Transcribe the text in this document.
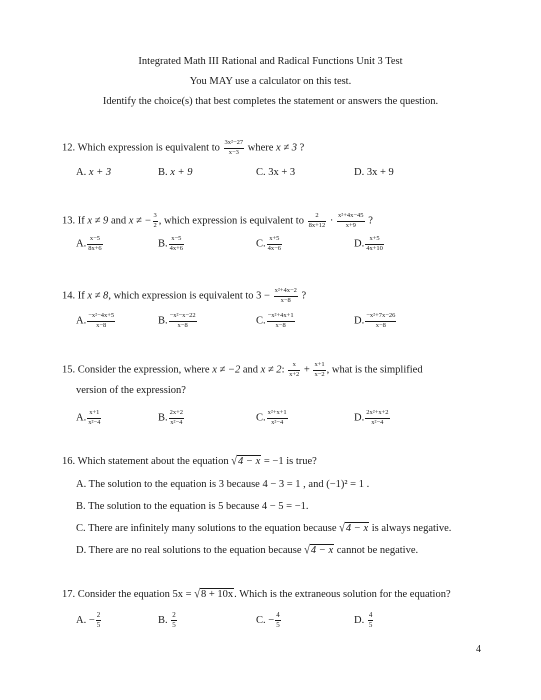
Integrated Math III Rational and Radical Functions Unit 3 Test
You MAY use a calculator on this test.
Identify the choice(s) that best completes the statement or answers the question.
12. Which expression is equivalent to $\frac{\text{3x²−27}}{x-3}$ where x ≠ 3 ?
A. x + 3	B. x + 9	C. 3x + 3	D. 3x + 9
13. If x ≠ 9 and x ≠ − $\frac{3}{2}$ , which expression is equivalent to $\frac{2}{8x+12} \cdot \frac{\text{x²+4x−45}}{x+9}$ ?
A. $\frac{x-5}{8x+6}$	B. $\frac{x-5}{4x+6}$	C. $\frac{x+5}{4x-6}$	D. $\frac{x+5}{4x+10}$
14. If x ≠ 8, which expression is equivalent to $3 - \frac{\text{x²+4x−2}}{x-8}$ ?
A. $\frac{\text{−x²−4x+5}}{x-8}$	B. $\frac{\text{−x²−x−22}}{x-8}$	C. $\frac{\text{−x²+4x+1}}{x-8}$	D. $\frac{\text{−x²+7x−26}}{x-8}$
15. Consider the expression, where x ≠ −2 and x ≠ 2: $\frac{x}{x+2} + \frac{x+1}{x-2}$ , what is the simplified
version of the expression?
A. $\frac{x+1}{\text{x²−4}}$	B. $\frac{2x+2}{\text{x²−4}}$	C. $\frac{\text{x²+x+1}}{\text{x²−4}}$	D. $\frac{\text{2x²+x+2}}{\text{x²−4}}$
16. Which statement about the equation √4 − x = −1 is true?
A. The solution to the equation is 3 because 4 − 3 = 1 , and (−1)² = 1 .
B. The solution to the equation is 5 because 4 − 5 = −1.
C. There are infinitely many solutions to the equation because √4 − x is always negative.
D. There are no real solutions to the equation because √4 − x cannot be negative.
17. Consider the equation 5x = √8 + 10x. Which is the extraneous solution for the equation?
A. − $\frac{2}{5}$	B. $\frac{2}{5}$	C. − $\frac{4}{5}$	D. $\frac{4}{5}$
4
